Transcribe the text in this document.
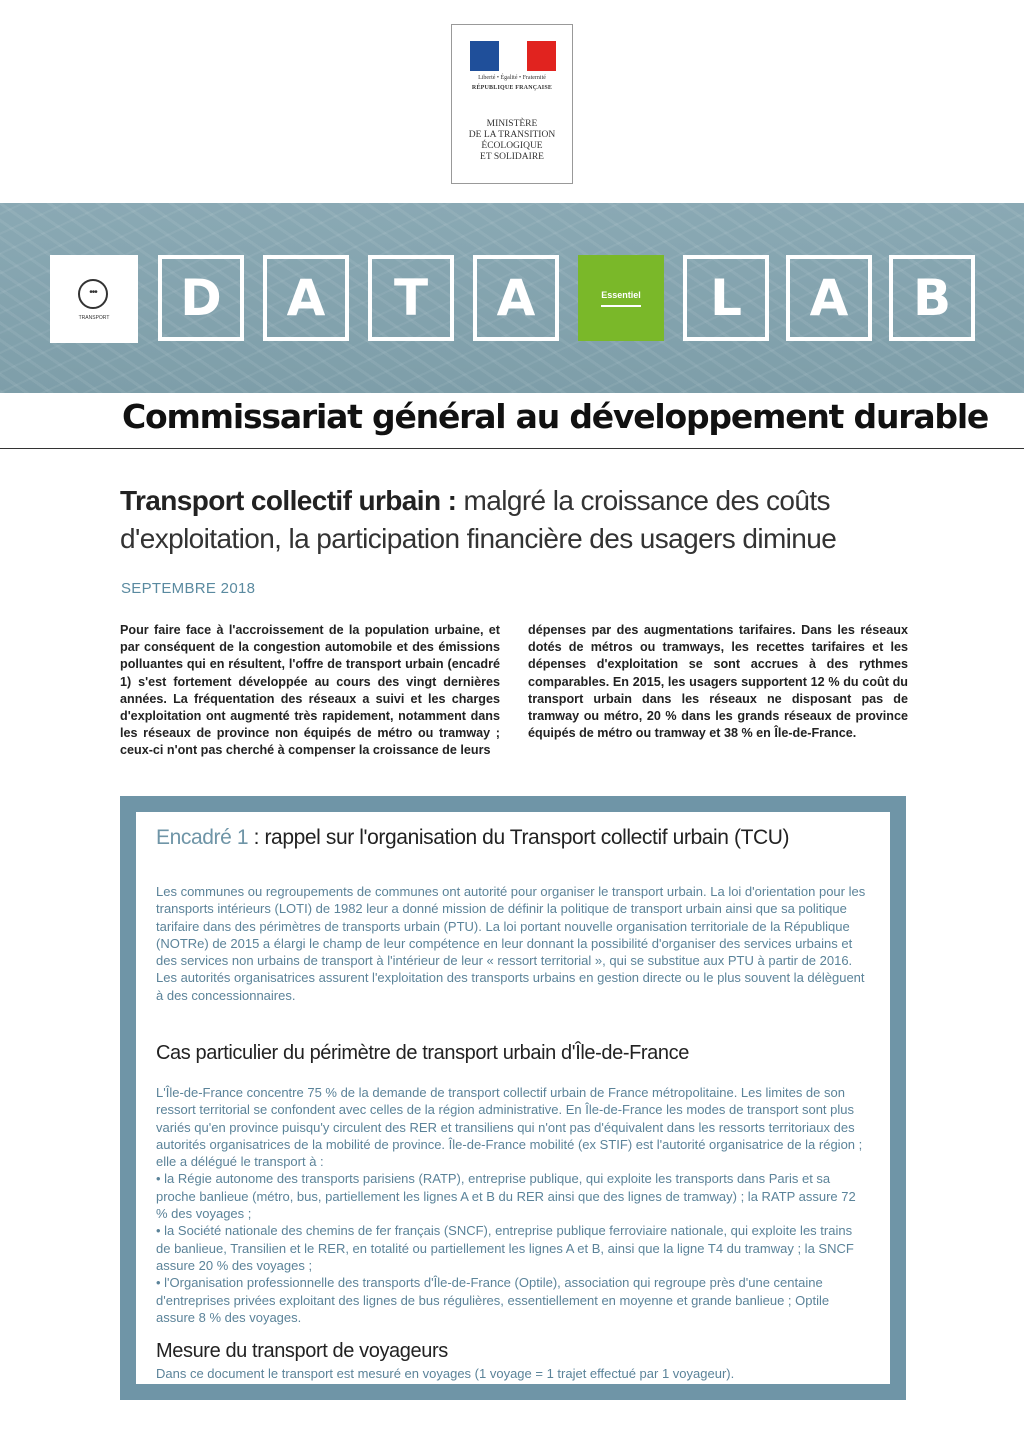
Liberté • Égalité • Fraternité
RÉPUBLIQUE FRANÇAISE
MINISTÈRE
DE LA TRANSITION
ÉCOLOGIQUE
ET SOLIDAIRE
•••
TRANSPORT	D	A	T	A	Essentiel	L	A	B
Commissariat général au développement durable
Transport collectif urbain : malgré la croissance des coûts d'exploitation, la participation financière des usagers diminue
SEPTEMBRE 2018
Pour faire face à l'accroissement de la population urbaine, et par conséquent de la congestion automobile et des émissions polluantes qui en résultent, l'offre de transport urbain (encadré 1) s'est fortement développée au cours des vingt dernières années. La fréquentation des réseaux a suivi et les charges d'exploitation ont augmenté très rapidement, notamment dans les réseaux de province non équipés de métro ou tramway ; ceux-ci n'ont pas cherché à compenser la croissance de leurs
dépenses par des augmentations tarifaires. Dans les réseaux dotés de métros ou tramways, les recettes tarifaires et les dépenses d'exploitation se sont accrues à des rythmes comparables. En 2015, les usagers supportent 12 % du coût du transport urbain dans les réseaux ne disposant pas de tramway ou métro, 20 % dans les grands réseaux de province équipés de métro ou tramway et 38 % en Île-de-France.
Encadré 1 : rappel sur l'organisation du Transport collectif urbain (TCU)
Les communes ou regroupements de communes ont autorité pour organiser le transport urbain. La loi d'orientation pour les transports intérieurs (LOTI) de 1982 leur a donné mission de définir la politique de transport urbain ainsi que sa politique tarifaire dans des périmètres de transports urbain (PTU). La loi portant nouvelle organisation territoriale de la République (NOTRe) de 2015 a élargi le champ de leur compétence en leur donnant la possibilité d'organiser des services urbains et des services non urbains de transport à l'intérieur de leur « ressort territorial », qui se substitue aux PTU à partir de 2016. Les autorités organisatrices assurent l'exploitation des transports urbains en gestion directe ou le plus souvent la délèguent à des concessionnaires.
Cas particulier du périmètre de transport urbain d'Île-de-France
L'Île-de-France concentre 75 % de la demande de transport collectif urbain de France métropolitaine. Les limites de son ressort territorial se confondent avec celles de la région administrative. En Île-de-France les modes de transport sont plus variés qu'en province puisqu'y circulent des RER et transiliens qui n'ont pas d'équivalent dans les ressorts territoriaux des autorités organisatrices de la mobilité de province. Île-de-France mobilité (ex STIF) est l'autorité organisatrice de la région ; elle a délégué le transport à :
• la Régie autonome des transports parisiens (RATP), entreprise publique, qui exploite les transports dans Paris et sa proche banlieue (métro, bus, partiellement les lignes A et B du RER ainsi que des lignes de tramway) ; la RATP assure 72 % des voyages ;
• la Société nationale des chemins de fer français (SNCF), entreprise publique ferroviaire nationale, qui exploite les trains de banlieue, Transilien et le RER, en totalité ou partiellement les lignes A et B, ainsi que la ligne T4 du tramway ; la SNCF assure 20 % des voyages ;
• l'Organisation professionnelle des transports d'Île-de-France (Optile), association qui regroupe près d'une centaine d'entreprises privées exploitant des lignes de bus régulières, essentiellement en moyenne et grande banlieue ; Optile assure 8 % des voyages.
Mesure du transport de voyageurs
Dans ce document le transport est mesuré en voyages (1 voyage = 1 trajet effectué par 1 voyageur).
